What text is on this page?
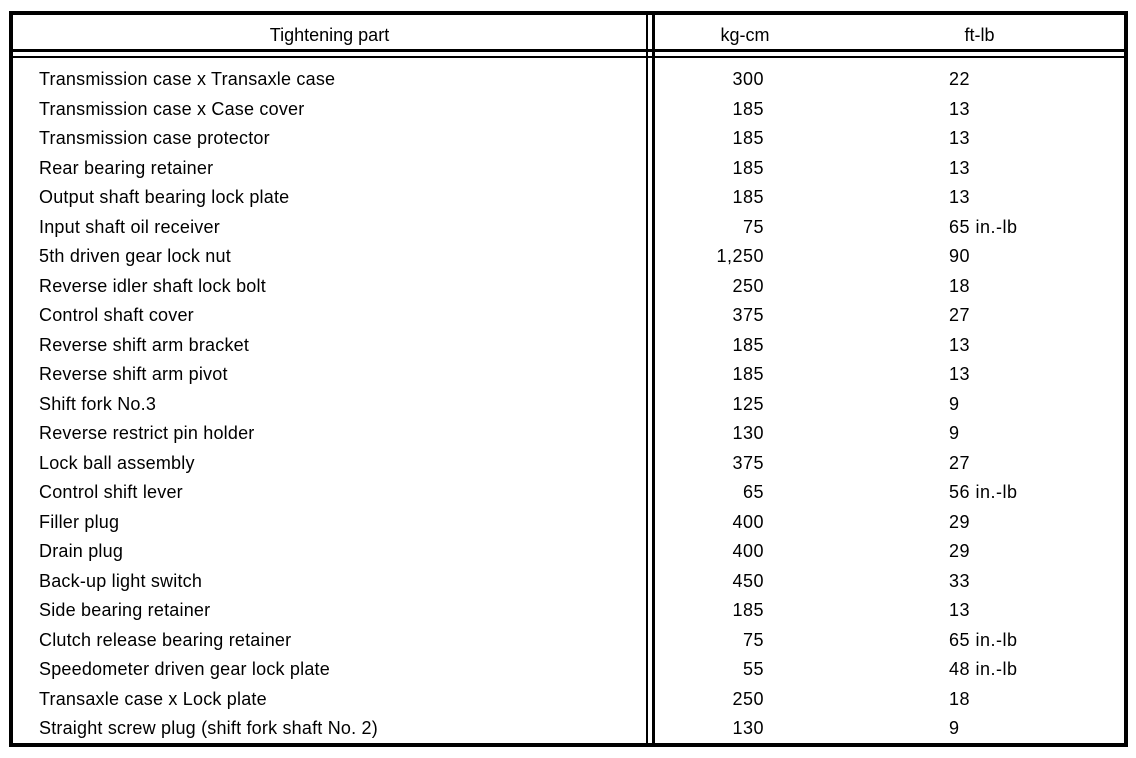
Tightening part	kg-cm	ft-lb
Transmission case x Transaxle case	300	22
Transmission case x Case cover	185	13
Transmission case protector	185	13
Rear bearing retainer	185	13
Output shaft bearing lock plate	185	13
Input shaft oil receiver	75	65 in.-lb
5th driven gear lock nut	1,250	90
Reverse idler shaft lock bolt	250	18
Control shaft cover	375	27
Reverse shift arm bracket	185	13
Reverse shift arm pivot	185	13
Shift fork No.3	125	9
Reverse restrict pin holder	130	9
Lock ball assembly	375	27
Control shift lever	65	56 in.-lb
Filler plug	400	29
Drain plug	400	29
Back-up light switch	450	33
Side bearing retainer	185	13
Clutch release bearing retainer	75	65 in.-lb
Speedometer driven gear lock plate	55	48 in.-lb
Transaxle case x Lock plate	250	18
Straight screw plug (shift fork shaft No. 2)	130	9
